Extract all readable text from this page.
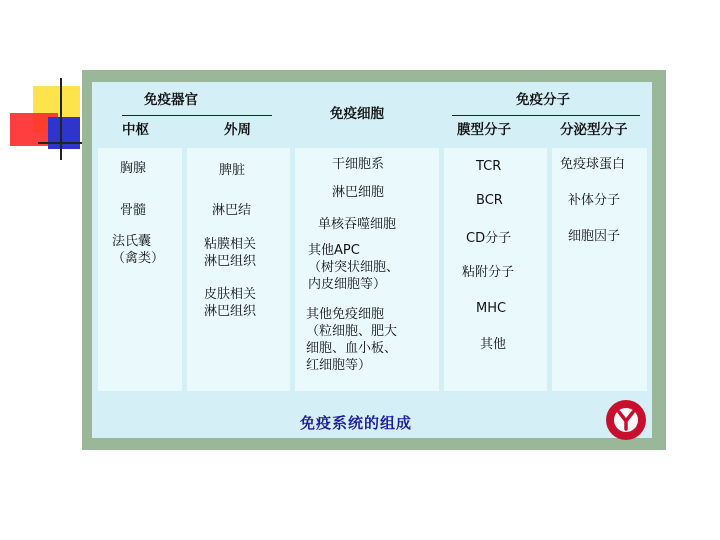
免疫器官
中枢	外周
免疫细胞
免疫分子
膜型分子	分泌型分子
胸腺
骨髓
法氏囊
（禽类）
脾脏
淋巴结
粘膜相关
淋巴组织
皮肤相关
淋巴组织
干细胞系
淋巴细胞
单核吞噬细胞
其他APC
（树突状细胞、
内皮细胞等）
其他免疫细胞
（粒细胞、肥大
细胞、血小板、
红细胞等）
TCR
BCR
CD分子
粘附分子
MHC
其他
免疫球蛋白
补体分子
细胞因子
免疫系统的组成
